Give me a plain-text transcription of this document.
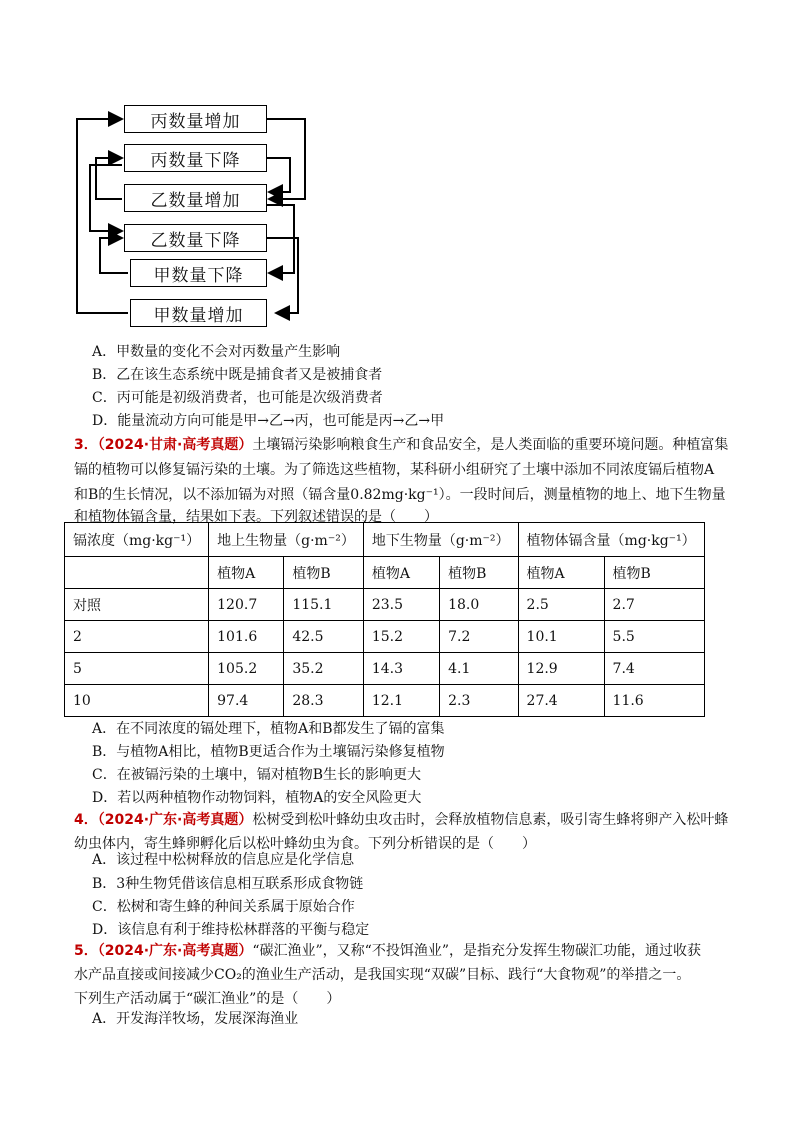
丙数量增加
丙数量下降
乙数量增加
乙数量下降
甲数量下降
甲数量增加
A．甲数量的变化不会对丙数量产生影响
B．乙在该生态系统中既是捕食者又是被捕食者
C．丙可能是初级消费者，也可能是次级消费者
D．能量流动方向可能是甲→乙→丙，也可能是丙→乙→甲
3．（2024·甘肃·高考真题）土壤镉污染影响粮食生产和食品安全，是人类面临的重要环境问题。种植富集
镉的植物可以修复镉污染的土壤。为了筛选这些植物，某科研小组研究了土壤中添加不同浓度镉后植物A
和B的生长情况，以不添加镉为对照（镉含量0.82mg·kg⁻¹）。一段时间后，测量植物的地上、地下生物量
和植物体镉含量，结果如下表。下列叙述错误的是（　　）
镉浓度（mg·kg⁻¹）	地上生物量（g·m⁻²）		地下生物量（g·m⁻²）		植物体镉含量（mg·kg⁻¹）	
	植物A	植物B	植物A	植物B	植物A	植物B
对照	120.7	115.1	23.5	18.0	2.5	2.7
2	101.6	42.5	15.2	7.2	10.1	5.5
5	105.2	35.2	14.3	4.1	12.9	7.4
10	97.4	28.3	12.1	2.3	27.4	11.6
A．在不同浓度的镉处理下，植物A和B都发生了镉的富集
B．与植物A相比，植物B更适合作为土壤镉污染修复植物
C．在被镉污染的土壤中，镉对植物B生长的影响更大
D．若以两种植物作动物饲料，植物A的安全风险更大
4．（2024·广东·高考真题）松树受到松叶蜂幼虫攻击时，会释放植物信息素，吸引寄生蜂将卵产入松叶蜂
幼虫体内，寄生蜂卵孵化后以松叶蜂幼虫为食。下列分析错误的是（　　）
A．该过程中松树释放的信息应是化学信息
B．3种生物凭借该信息相互联系形成食物链
C．松树和寄生蜂的种间关系属于原始合作
D．该信息有利于维持松林群落的平衡与稳定
5．（2024·广东·高考真题）“碳汇渔业”，又称“不投饵渔业”，是指充分发挥生物碳汇功能，通过收获
水产品直接或间接减少CO₂的渔业生产活动，是我国实现“双碳”目标、践行“大食物观”的举措之一。
下列生产活动属于“碳汇渔业”的是（　　）
A．开发海洋牧场，发展深海渔业
